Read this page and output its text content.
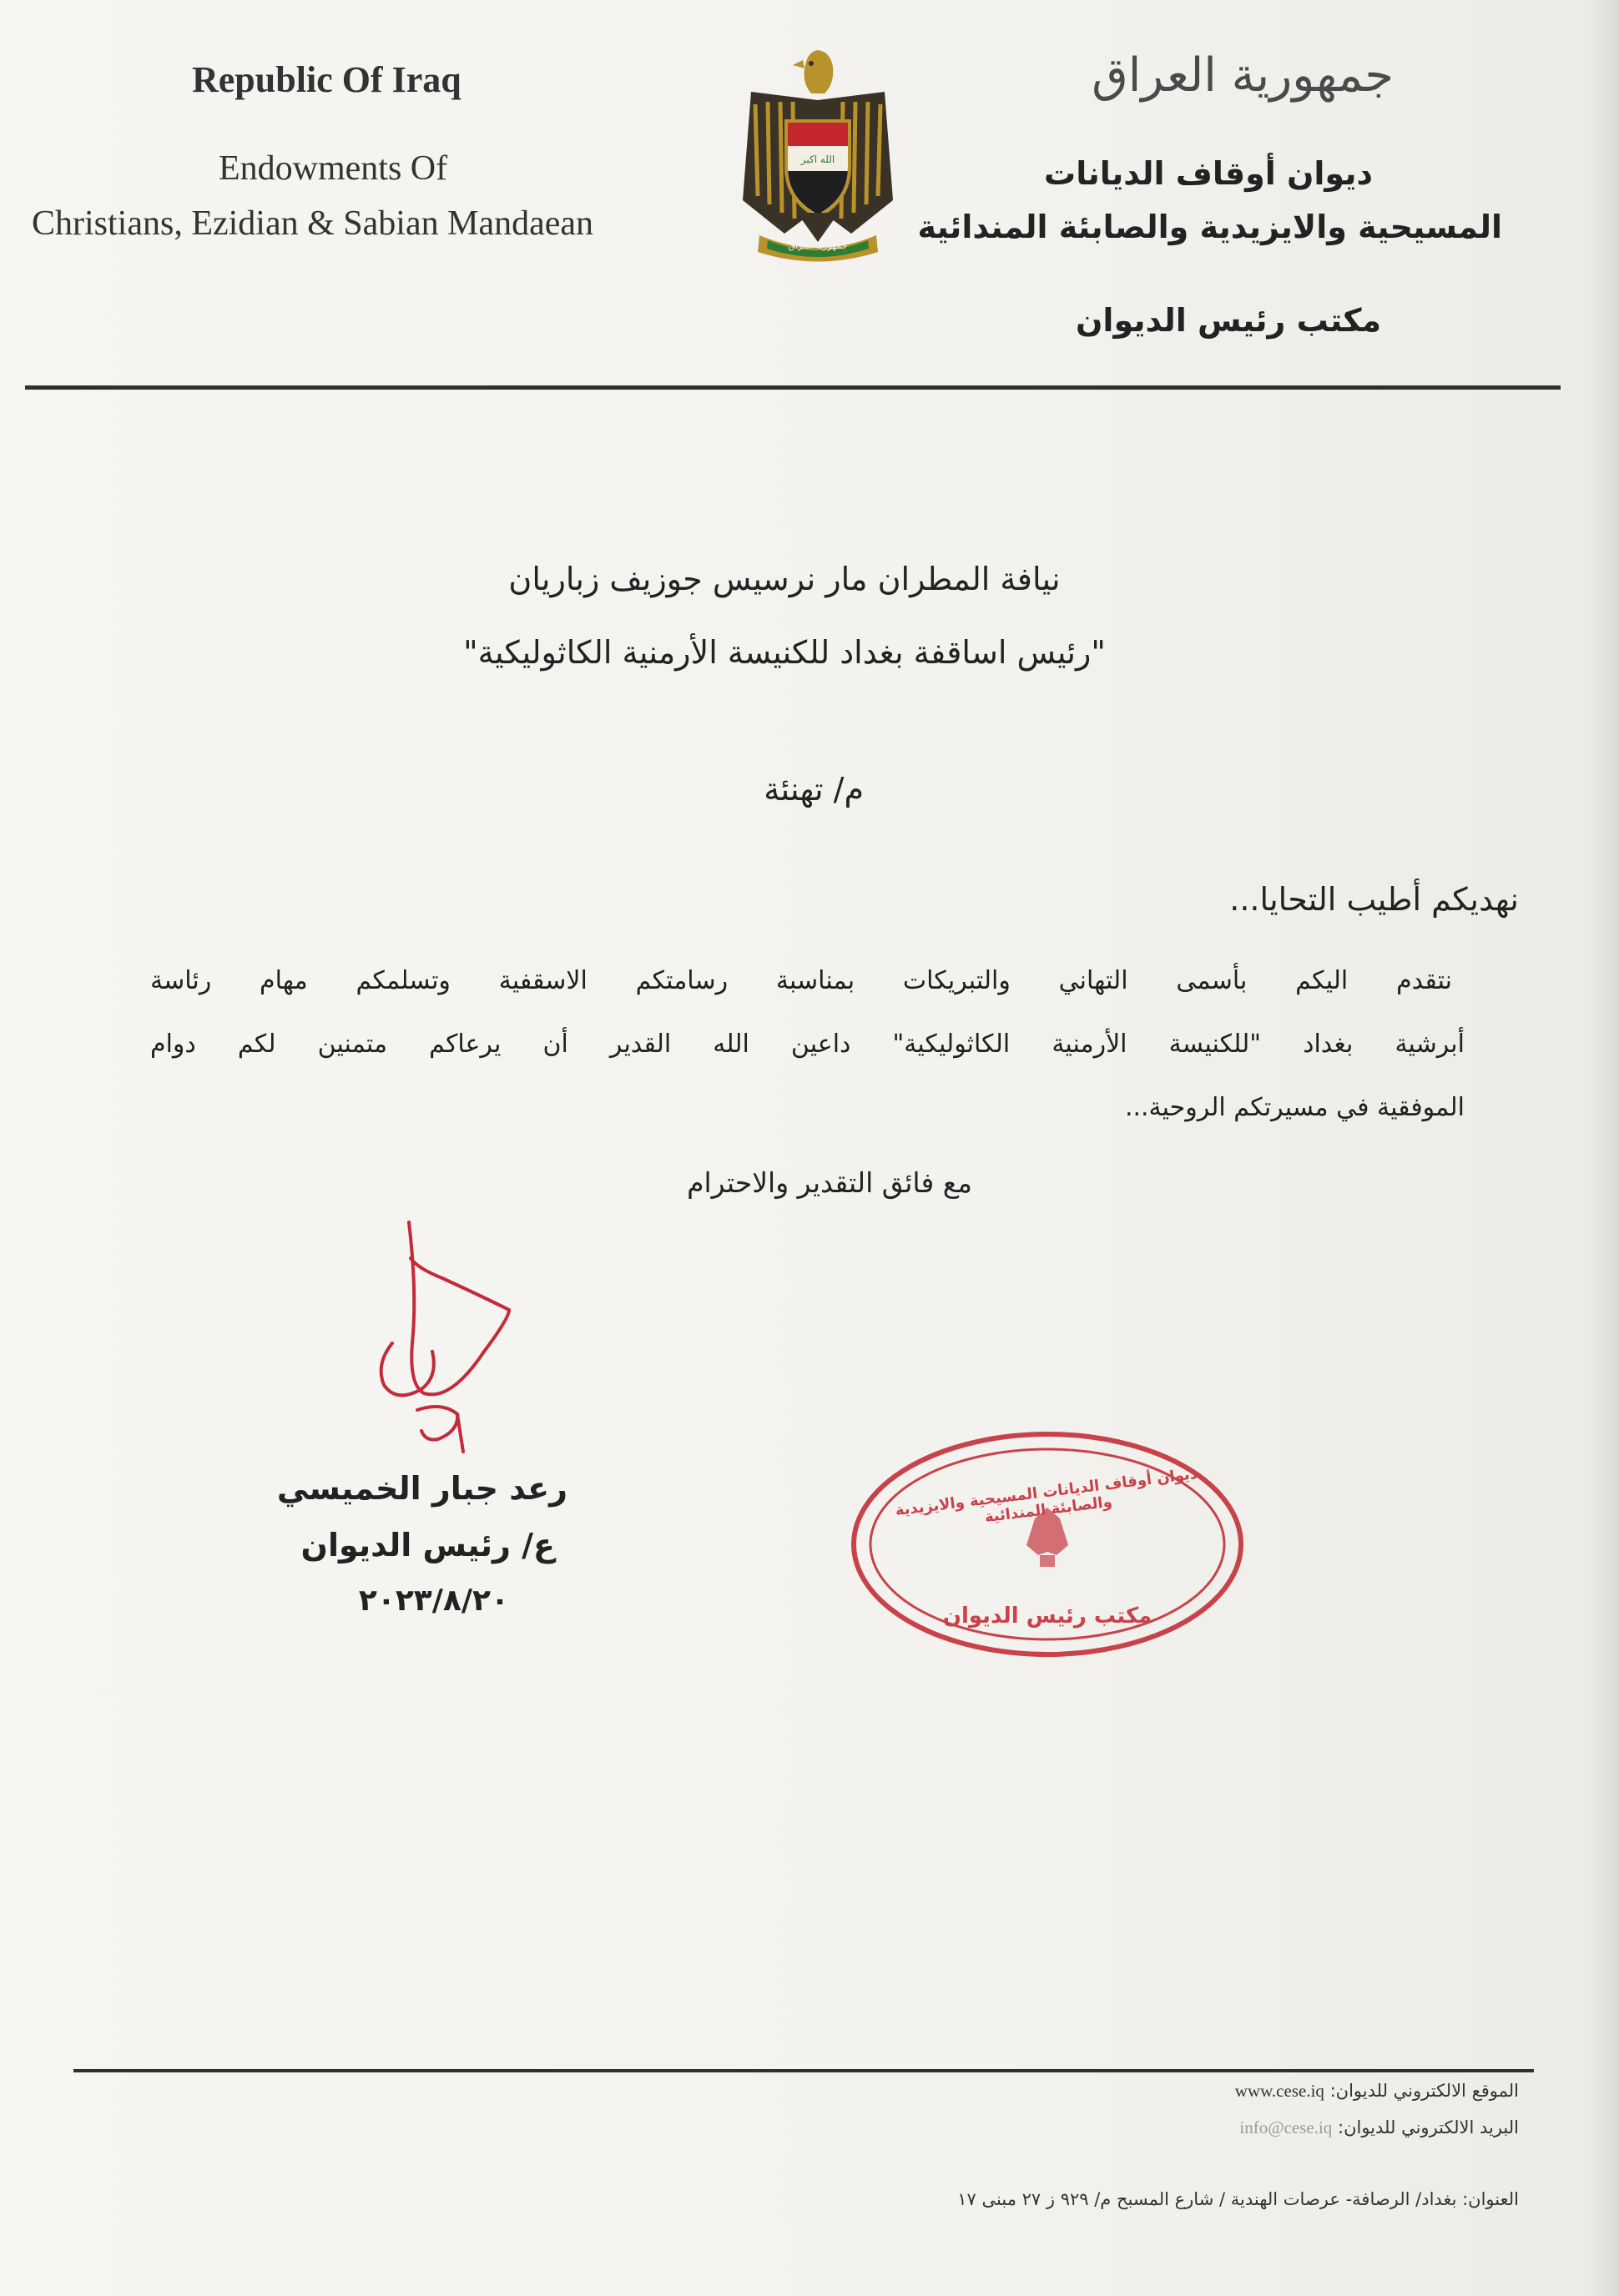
Republic Of Iraq
Endowments Of
Christians, Ezidian & Sabian Mandaean
الله اكبر
جمهورية العراق
جمهورية العراق
ديوان أوقاف الديانات
المسيحية والايزيدية والصابئة المندائية
مكتب رئيس الديوان
نيافة المطران مار نرسيس جوزيف زباريان
"رئيس اساقفة بغداد للكنيسة الأرمنية الكاثوليكية"
م/ تهنئة
نهديكم أطيب التحايا...
نتقدم اليكم بأسمى التهاني والتبريكات بمناسبة رسامتكم الاسقفية وتسلمكم مهام رئاسة
أبرشية بغداد "للكنيسة الأرمنية الكاثوليكية" داعين الله القدير أن يرعاكم متمنين لكم دوام
الموفقية في مسيرتكم الروحية...
مع فائق التقدير والاحترام
رعد جبار الخميسي
ع/ رئيس الديوان
٢٠٢٣/٨/٢٠
ديوان أوقاف الديانات المسيحية والايزيدية والصابئة المندائية
مكتب رئيس الديوان
الموقع الالكتروني للديوان: www.cese.iq
البريد الالكتروني للديوان: info@cese.iq
العنوان: بغداد/ الرصافة- عرصات الهندية / شارع المسبح م/ ٩٢٩ ز ٢٧ مبنى ١٧
